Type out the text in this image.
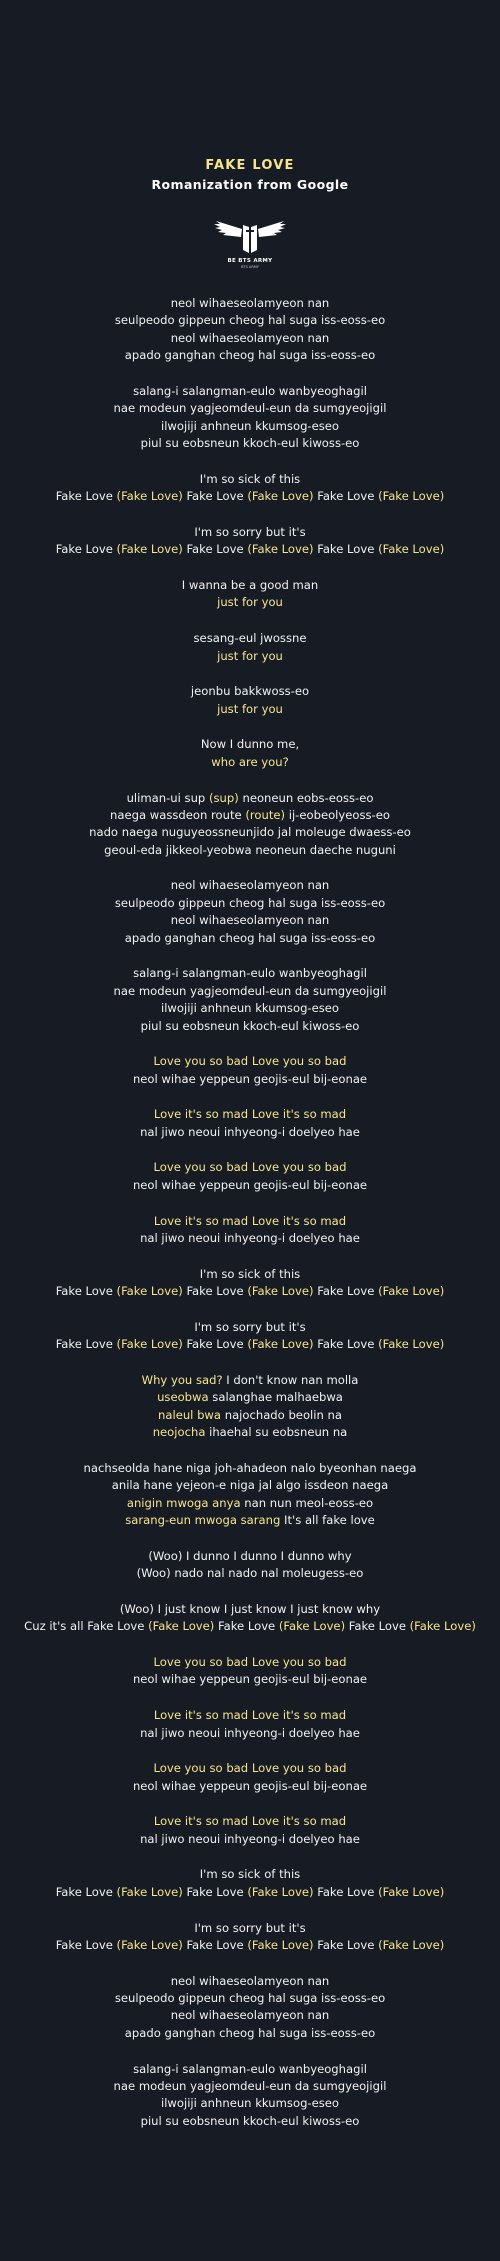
FAKE LOVE
Romanization from Google
BE BTS ARMY
BTS ARMY
neol wihaeseolamyeon nan
seulpeodo gippeun cheog hal suga iss-eoss-eo
neol wihaeseolamyeon nan
apado ganghan cheog hal suga iss-eoss-eo
salang-i salangman-eulo wanbyeoghagil
nae modeun yagjeomdeul-eun da sumgyeojigil
ilwojiji anhneun kkumsog-eseo
piul su eobsneun kkoch-eul kiwoss-eo
I'm so sick of this
Fake Love (Fake Love) Fake Love (Fake Love) Fake Love (Fake Love)
I'm so sorry but it's
Fake Love (Fake Love) Fake Love (Fake Love) Fake Love (Fake Love)
I wanna be a good man
just for you
sesang-eul jwossne
just for you
jeonbu bakkwoss-eo
just for you
Now I dunno me,
who are you?
uliman-ui sup (sup) neoneun eobs-eoss-eo
naega wassdeon route (route) ij-eobeolyeoss-eo
nado naega nuguyeossneunjido jal moleuge dwaess-eo
geoul-eda jikkeol-yeobwa neoneun daeche nuguni
neol wihaeseolamyeon nan
seulpeodo gippeun cheog hal suga iss-eoss-eo
neol wihaeseolamyeon nan
apado ganghan cheog hal suga iss-eoss-eo
salang-i salangman-eulo wanbyeoghagil
nae modeun yagjeomdeul-eun da sumgyeojigil
ilwojiji anhneun kkumsog-eseo
piul su eobsneun kkoch-eul kiwoss-eo
Love you so bad Love you so bad
neol wihae yeppeun geojis-eul bij-eonae
Love it's so mad Love it's so mad
nal jiwo neoui inhyeong-i doelyeo hae
Love you so bad Love you so bad
neol wihae yeppeun geojis-eul bij-eonae
Love it's so mad Love it's so mad
nal jiwo neoui inhyeong-i doelyeo hae
I'm so sick of this
Fake Love (Fake Love) Fake Love (Fake Love) Fake Love (Fake Love)
I'm so sorry but it's
Fake Love (Fake Love) Fake Love (Fake Love) Fake Love (Fake Love)
Why you sad? I don't know nan molla
useobwa salanghae malhaebwa
naleul bwa najochado beolin na
neojocha ihaehal su eobsneun na
nachseolda hane niga joh-ahadeon nalo byeonhan naega
anila hane yejeon-e niga jal algo issdeon naega
anigin mwoga anya nan nun meol-eoss-eo
sarang-eun mwoga sarang It's all fake love
(Woo) I dunno I dunno I dunno why
(Woo) nado nal nado nal moleugess-eo
(Woo) I just know I just know I just know why
Cuz it's all Fake Love (Fake Love) Fake Love (Fake Love) Fake Love (Fake Love)
Love you so bad Love you so bad
neol wihae yeppeun geojis-eul bij-eonae
Love it's so mad Love it's so mad
nal jiwo neoui inhyeong-i doelyeo hae
Love you so bad Love you so bad
neol wihae yeppeun geojis-eul bij-eonae
Love it's so mad Love it's so mad
nal jiwo neoui inhyeong-i doelyeo hae
I'm so sick of this
Fake Love (Fake Love) Fake Love (Fake Love) Fake Love (Fake Love)
I'm so sorry but it's
Fake Love (Fake Love) Fake Love (Fake Love) Fake Love (Fake Love)
neol wihaeseolamyeon nan
seulpeodo gippeun cheog hal suga iss-eoss-eo
neol wihaeseolamyeon nan
apado ganghan cheog hal suga iss-eoss-eo
salang-i salangman-eulo wanbyeoghagil
nae modeun yagjeomdeul-eun da sumgyeojigil
ilwojiji anhneun kkumsog-eseo
piul su eobsneun kkoch-eul kiwoss-eo
